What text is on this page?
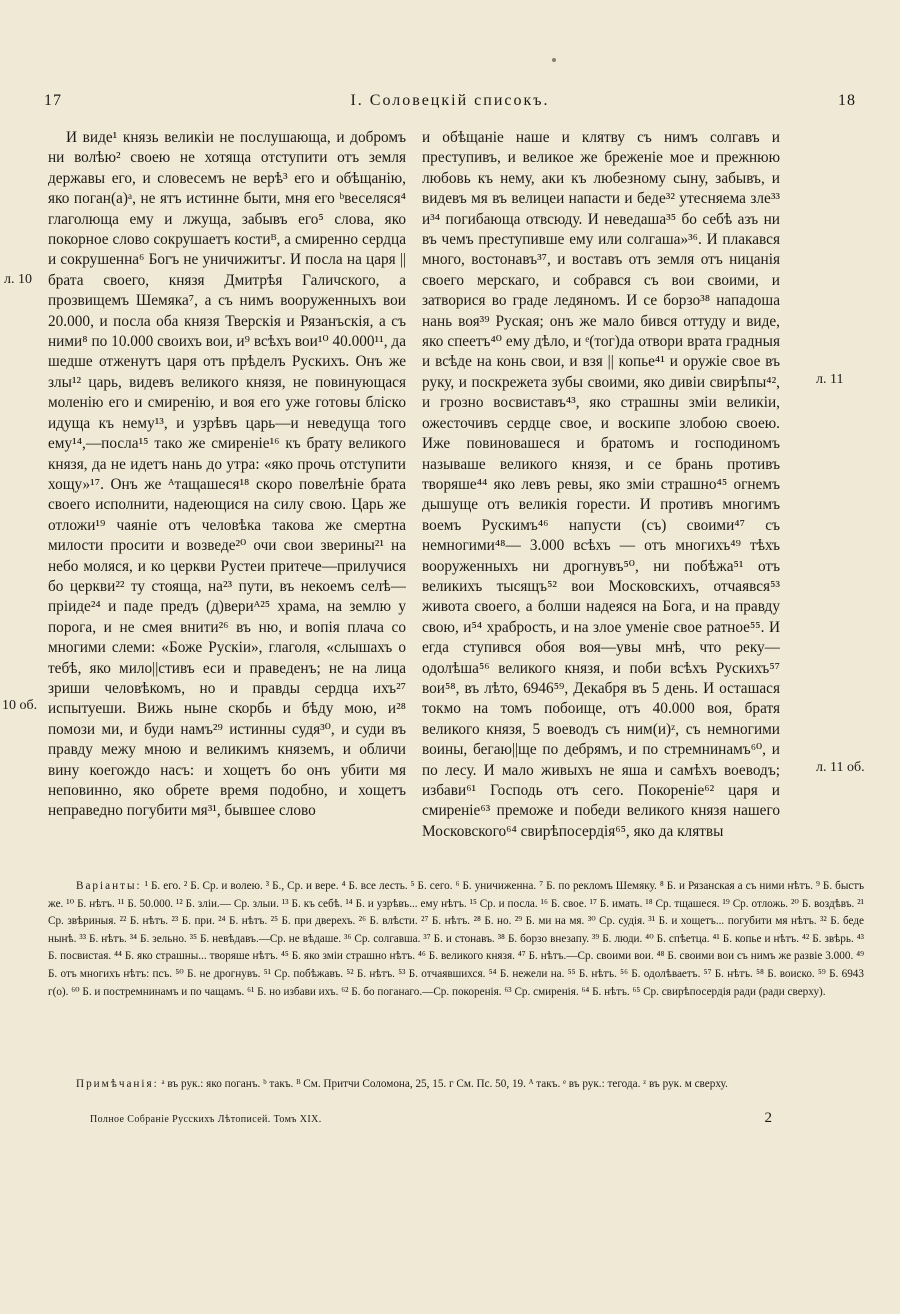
17	I. Соловецкій списокъ.	18

И виде¹ князь великіи не послушающа, и добромъ ни волѣю² своею не хотяща отступити отъ земля державы его, и словесемъ не верѣ³ его и обѣщанію, яко поган(а)ᵃ, не ятъ истинне быти, мня его ᵇвеселяся⁴ глаголюща ему и лжуща, забывъ его⁵ слова, яко покорное слово сокрушаетъ костиᴮ, а смиренно сердца и сокрушенна⁶ Богъ не уничижитъᴦ. И посла на царя || брата своего, князя Дмитрѣя Галичского, а прозвищемъ Шемяка⁷, а съ нимъ вооруженныхъ вои 20.000, и посла оба князя Тверскія и Рязанъскія, а съ ними⁸ по 10.000 своихъ вои, и⁹ всѣхъ вои¹⁰ 40.000¹¹, да шедше отженутъ царя отъ прѣделъ Рускихъ. Онъ же злы¹² царь, видевъ великого князя, не повинующася моленію его и смиренію, и воя его уже готовы бліско идуща къ нему¹³, и узрѣвъ царь—и неведуща того ему¹⁴,—посла¹⁵ тако же смиреніе¹⁶ къ брату великого князя, да не идетъ нань до утра: «яко прочь отступити хощу»¹⁷. Онъ же ᴬтащашеся¹⁸ скоро повелѣніе брата своего исполнити, надеющися на силу свою. Царь же отложи¹⁹ чаяніе отъ человѣка такова же смертна милости просити и возведе²⁰ очи свои зверины²¹ на небо моляся, и ко церкви Рустеи притече—прилучися бо церкви²² ту стояща, на²³ пути, въ некоемъ селѣ— пріиде²⁴ и паде предъ (д)вериᴬ²⁵ храма, на землю у порога, и не смея внити²⁶ въ ню, и вопія плача со многими слеми: «Боже Рускіи», глаголя, «слышахъ о тебѣ, яко мило||стивъ еси и праведенъ; не на лица зриши человѣкомъ, но и правды сердца ихъ²⁷ испытуеши. Вижь ныне скорбь и бѣду мою, и²⁸ помози ми, и буди намъ²⁹ истинны судя³⁰, и суди въ правду межу мною и великимъ княземъ, и обличи вину коегождо насъ: и хощетъ бо онъ убити мя неповинно, яко обрете время подобно, и хощетъ неправедно погубити мя³¹, бывшее слово

и обѣщаніе наше и клятву съ нимъ солгавъ и преступивъ, и великое же бреженіе мое и прежнюю любовь къ нему, аки къ любезному сыну, забывъ, и видевъ мя въ велицеи напасти и беде³² утесняема зле³³ и³⁴ погибающа отвсюду. И неведаша³⁵ бо себѣ азъ ни въ чемъ преступивше ему или солгаша»³⁶. И плакався много, востонавъ³⁷, и воставъ отъ земля отъ ницанія своего мерскаго, и собрався съ вои своими, и затворися во граде ледяномъ. И се борзо³⁸ нападоша нань воя³⁹ Руская; онъ же мало бився оттуду и виде, яко спеетъ⁴⁰ ему дѣло, и ᵉ(тог)да отвори врата градныя и всѣде на конь свои, и взя || копье⁴¹ и оружіе свое въ руку, и поскрежета зубы своими, яко дивіи свирѣпы⁴², и грозно восвиставъ⁴³, яко страшны зміи великіи, ожесточивъ сердце свое, и воскипе злобою своею. Иже повиновашеся и братомъ и господиномъ называше великого князя, и се брань противъ творяше⁴⁴ яко левъ ревы, яко зміи страшно⁴⁵ огнемъ дышуще отъ великія горести. И противъ многимъ воемъ Рускимъ⁴⁶ напусти (съ) своими⁴⁷ съ немногими⁴⁸— 3.000 всѣхъ — отъ многихъ⁴⁹ тѣхъ вооруженныхъ ни дрогнувъ⁵⁰, ни побѣжа⁵¹ отъ великихъ тысящъ⁵² вои Московскихъ, отчаявся⁵³ живота своего, а болши надеяся на Бога, и на правду свою, и⁵⁴ храбрость, и на злое уменіе свое ратное⁵⁵. И егда ступився обоя воя—увы мнѣ, что реку—одолѣша⁵⁶ великого князя, и поби всѣхъ Рускихъ⁵⁷ вои⁵⁸, въ лѣто, 6946⁵⁹, Декабря въ 5 день. И осташася токмо на томъ побоище, отъ 40.000 воя, братя великого князя, 5 воеводъ съ ним(и)ᶻ, съ немногими воины, бегаю||ще по дебрямъ, и по стремнинамъ⁶⁰, и по лесу. И мало живыхъ не яша и самѣхъ воеводъ; избави⁶¹ Господь отъ сего. Покореніе⁶² царя и смиреніе⁶³ преможе и победи великого князя нашего Московского⁶⁴ свирѣпосердія⁶⁵, яко да клятвы

л. 10
л. 11
10 об.
л. 11 об.

Варіанты: ¹ Б. его. ² Б. Ср. и волею. ³ Б., Ср. и вере. ⁴ Б. все лесть. ⁵ Б. сего. ⁶ Б. уничиженна. ⁷ Б. по рекломъ Шемяку. ⁸ Б. и Рязанская а съ ними нѣтъ. ⁹ Б. быстъ же. ¹⁰ Б. нѣтъ. ¹¹ Б. 50.000. ¹² Б. зліи.— Ср. злыи. ¹³ Б. къ себѣ. ¹⁴ Б. и узрѣвъ... ему нѣтъ. ¹⁵ Ср. и посла. ¹⁶ Б. свое. ¹⁷ Б. имать. ¹⁸ Ср. тщашеся. ¹⁹ Ср. отложь. ²⁰ Б. воздѣвъ. ²¹ Ср. звѣриныя. ²² Б. нѣтъ. ²³ Б. при. ²⁴ Б. нѣтъ. ²⁵ Б. при дверехъ. ²⁶ Б. влѣсти. ²⁷ Б. нѣтъ. ²⁸ Б. но. ²⁹ Б. ми на мя. ³⁰ Ср. судія. ³¹ Б. и хощетъ... погубити мя нѣтъ. ³² Б. беде нынѣ. ³³ Б. нѣтъ. ³⁴ Б. зельно. ³⁵ Б. невѣдавъ.—Ср. не вѣдаше. ³⁶ Ср. солгавша. ³⁷ Б. и стонавъ. ³⁸ Б. борзо внезапу. ³⁹ Б. люди. ⁴⁰ Б. спѣетца. ⁴¹ Б. копье и нѣтъ. ⁴² Б. звѣрь. ⁴³ Б. посвистая. ⁴⁴ Б. яко страшны... творяше нѣтъ. ⁴⁵ Б. яко зміи страшно нѣтъ. ⁴⁶ Б. великого князя. ⁴⁷ Б. нѣтъ.—Ср. своими вои. ⁴⁸ Б. своими вои съ нимъ же развіе 3.000. ⁴⁹ Б. отъ многихъ нѣтъ: псъ. ⁵⁰ Б. не дрогнувъ. ⁵¹ Ср. побѣжавъ. ⁵² Б. нѣтъ. ⁵³ Б. отчаявшихся. ⁵⁴ Б. нежели на. ⁵⁵ Б. нѣтъ. ⁵⁶ Б. одолѣваетъ. ⁵⁷ Б. нѣтъ. ⁵⁸ Б. воиско. ⁵⁹ Б. 6943 г(о). ⁶⁰ Б. и постремнинамъ и по чащамъ. ⁶¹ Б. но избави ихъ. ⁶² Б. бо поганаго.—Ср. покоренія. ⁶³ Ср. смиренія. ⁶⁴ Б. нѣтъ. ⁶⁵ Ср. свирѣпосердія ради (ради сверху).

Примѣчанія: ᵃ въ рук.: яко поганъ. ᵇ такъ. ᴮ См. Притчи Соломона, 25, 15. ᴦ См. Пс. 50, 19. ᴬ такъ. ᵉ въ рук.: тегода. ᶻ въ рук. м сверху.

Полное Собраніе Русскихъ Лѣтописей. Томъ XIX.	2
